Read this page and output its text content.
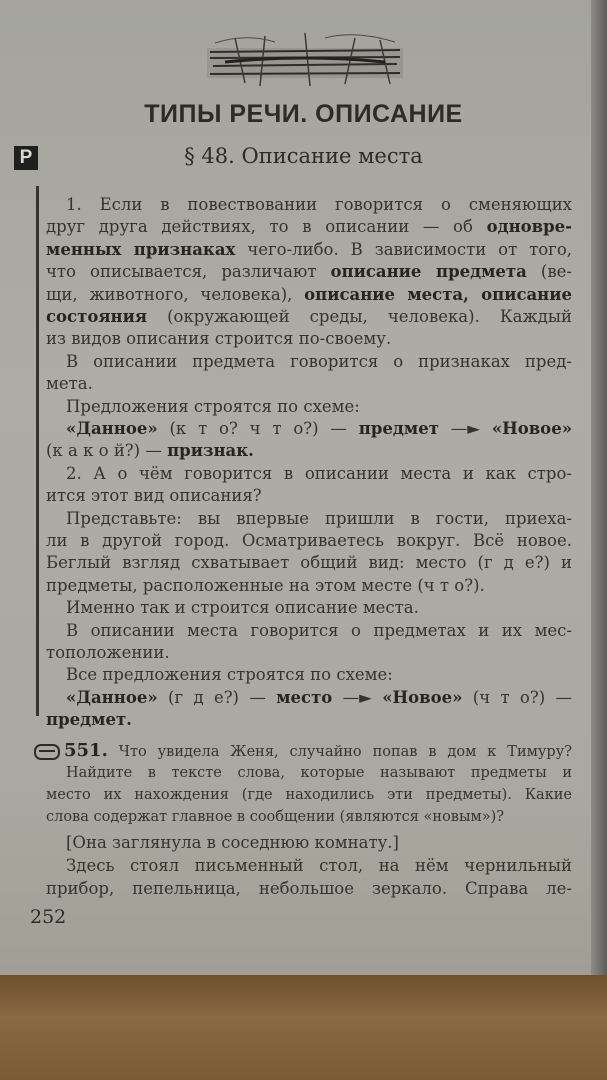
ТИПЫ РЕЧИ. ОПИСАНИЕ
Р	§ 48. Описание места
1. Если в повествовании говорится о сменяющих
друг друга действиях, то в описании — об одновре-
менных признаках чего-либо. В зависимости от того,
что описывается, различают описание предмета (ве-
щи, животного, человека), описание места, описание
состояния (окружающей среды, человека). Каждый
из видов описания строится по-своему.
В описании предмета говорится о признаках пред-
мета.
Предложения строятся по схеме:
«Данное» (к т о? ч т о?) — предмет —► «Новое»
(к а к о й?) — признак.
2. А о чём говорится в описании места и как стро-
ится этот вид описания?
Представьте: вы впервые пришли в гости, приеха-
ли в другой город. Осматриваетесь вокруг. Всё новое.
Беглый взгляд схватывает общий вид: место (г д е?) и
предметы, расположенные на этом месте (ч т о?).
Именно так и строится описание места.
В описании места говорится о предметах и их мес-
тоположении.
Все предложения строятся по схеме:
«Данное» (г д е?) — место —► «Новое» (ч т о?) —
предмет.
551. Что увидела Женя, случайно попав в дом к Тимуру?
Найдите в тексте слова, которые называют предметы и
место их нахождения (где находились эти предметы). Какие
слова содержат главное в сообщении (являются «новым»)?
[Она заглянула в соседнюю комнату.]
Здесь стоял письменный стол, на нём чернильный
прибор, пепельница, небольшое зеркало. Справа ле-
252
